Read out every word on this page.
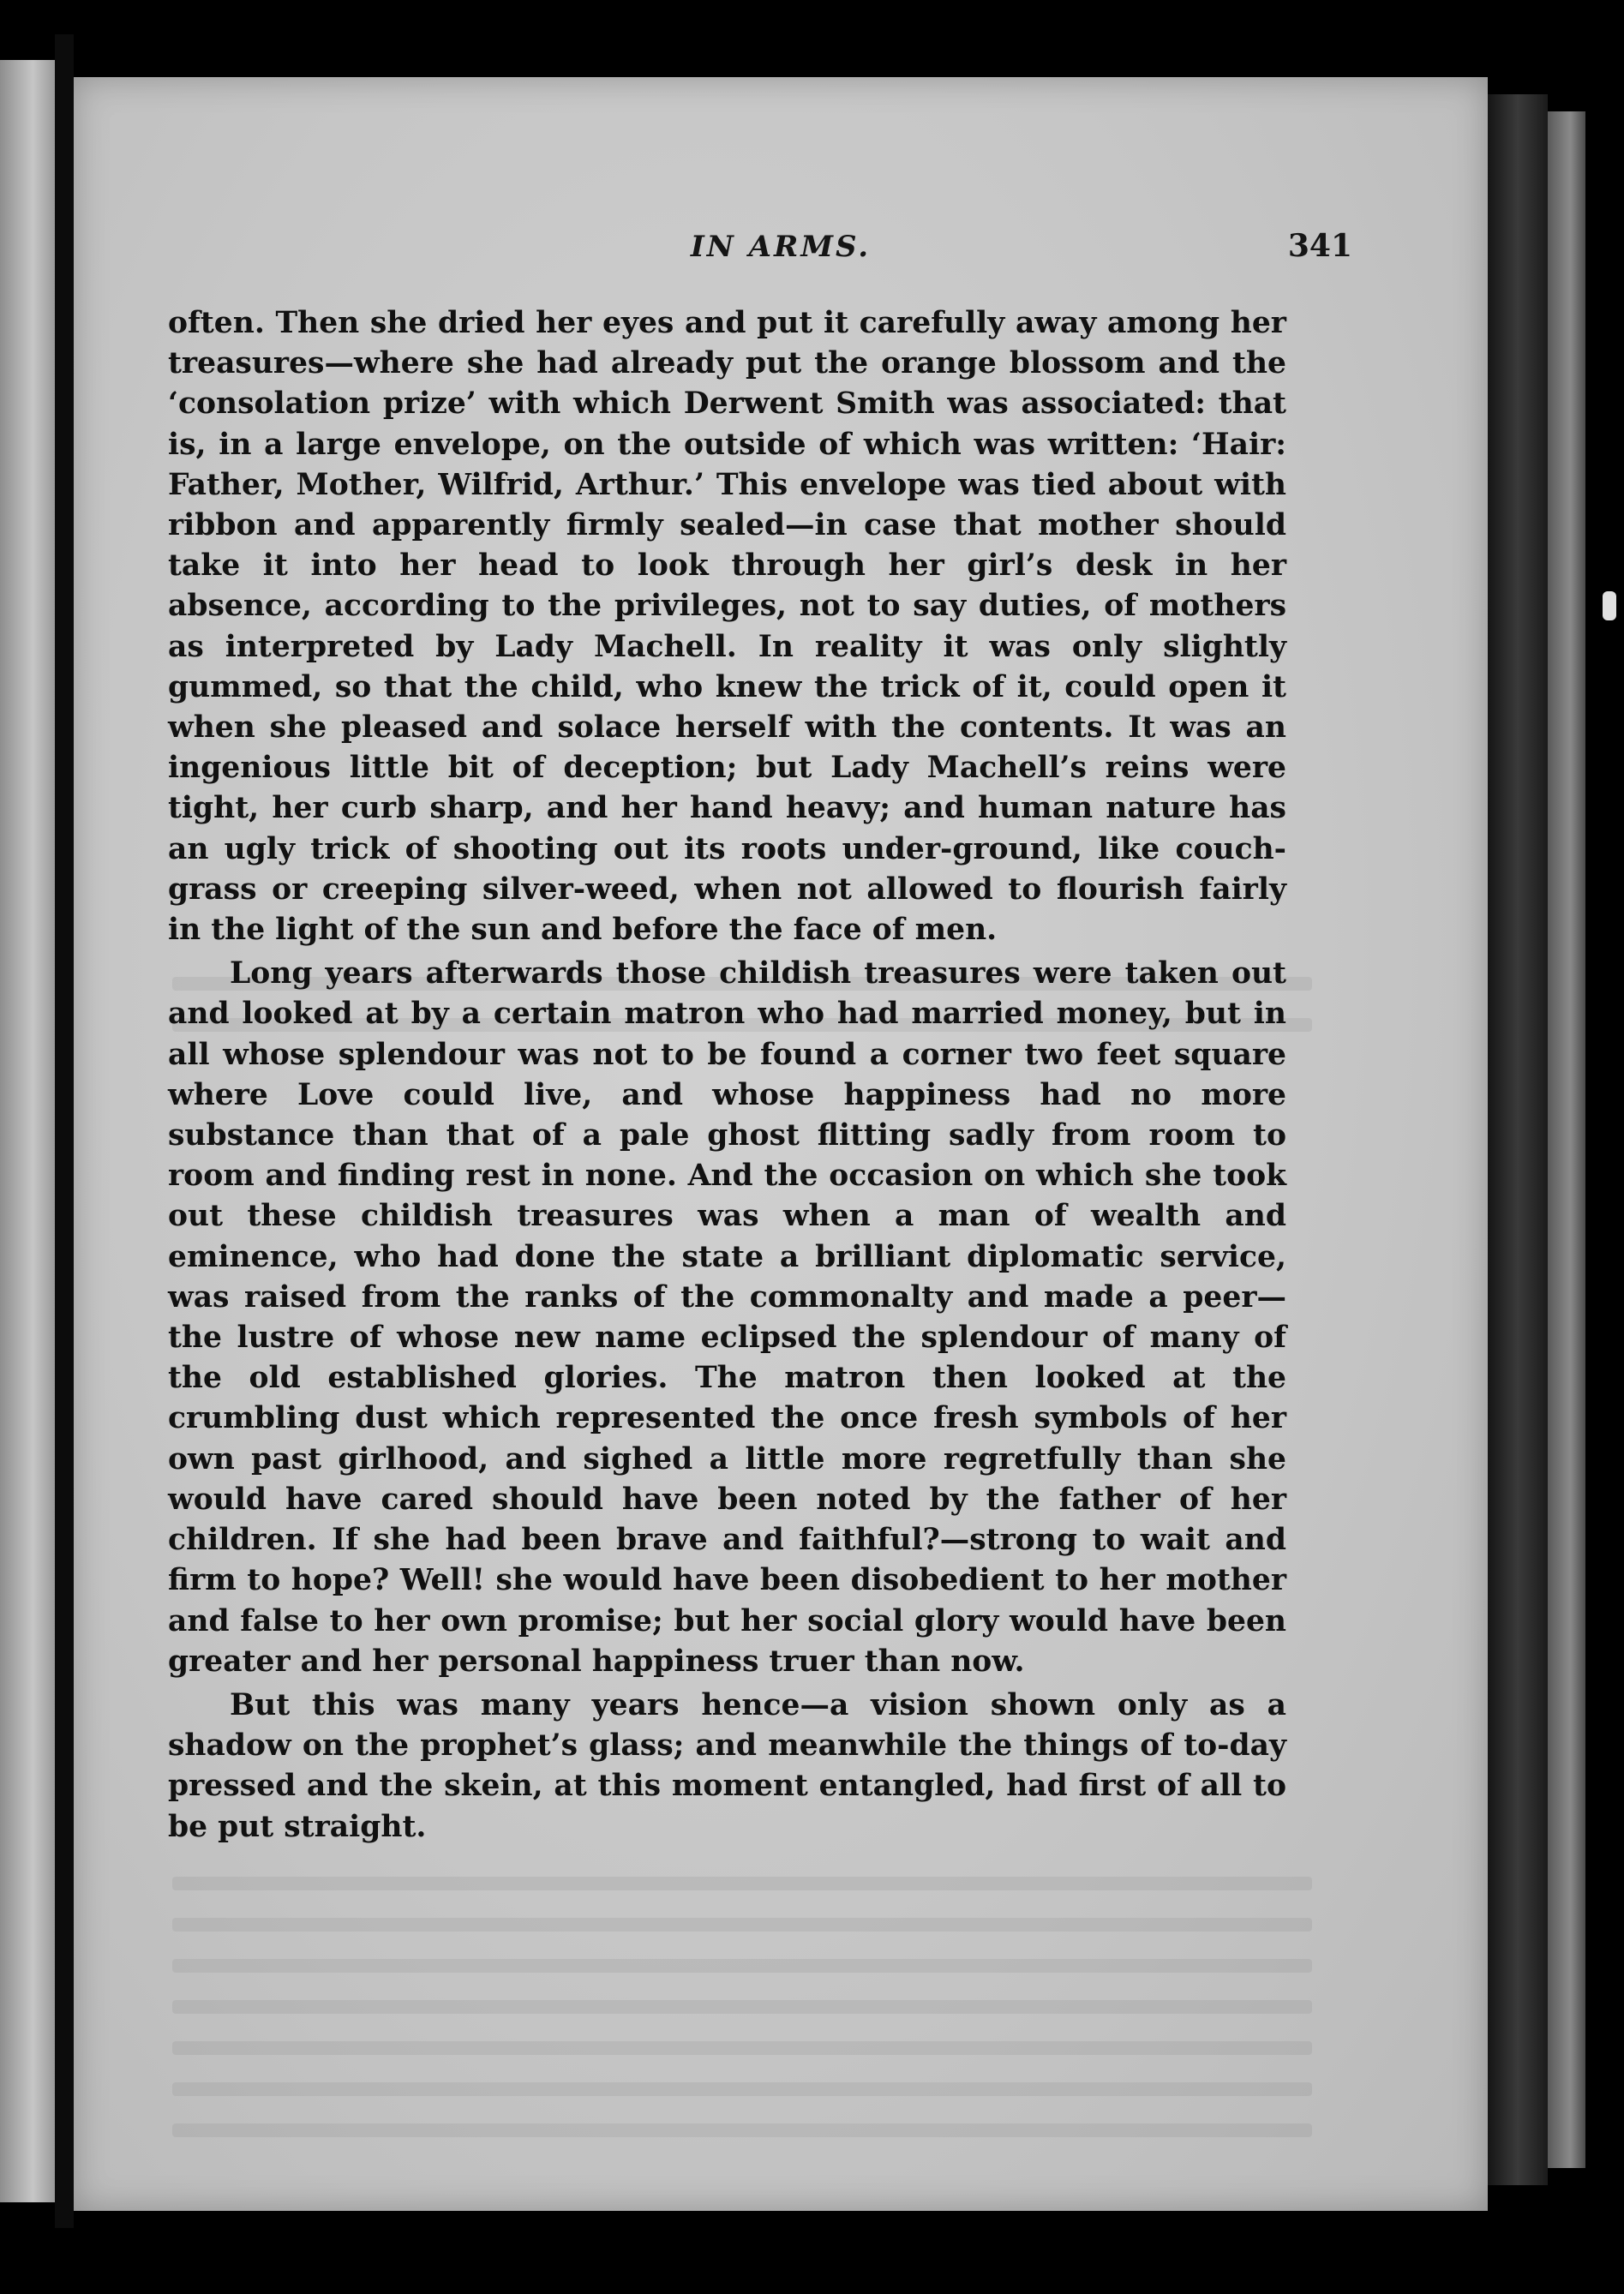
IN ARMS.	341

often. Then she dried her eyes and put it carefully away among her treasures—where she had already put the orange blossom and the ‘consolation prize’ with which Derwent Smith was associated: that is, in a large envelope, on the outside of which was written: ‘Hair: Father, Mother, Wilfrid, Arthur.’ This envelope was tied about with ribbon and apparently firmly sealed—in case that mother should take it into her head to look through her girl’s desk in her absence, according to the privileges, not to say duties, of mothers as interpreted by Lady Machell. In reality it was only slightly gummed, so that the child, who knew the trick of it, could open it when she pleased and solace herself with the contents. It was an ingenious little bit of deception; but Lady Machell’s reins were tight, her curb sharp, and her hand heavy; and human nature has an ugly trick of shooting out its roots under-ground, like couch-grass or creeping silver-weed, when not allowed to flourish fairly in the light of the sun and before the face of men.

Long years afterwards those childish treasures were taken out and looked at by a certain matron who had married money, but in all whose splendour was not to be found a corner two feet square where Love could live, and whose happiness had no more substance than that of a pale ghost flitting sadly from room to room and finding rest in none. And the occasion on which she took out these childish treasures was when a man of wealth and eminence, who had done the state a brilliant diplomatic service, was raised from the ranks of the commonalty and made a peer—the lustre of whose new name eclipsed the splendour of many of the old established glories. The matron then looked at the crumbling dust which represented the once fresh symbols of her own past girlhood, and sighed a little more regretfully than she would have cared should have been noted by the father of her children. If she had been brave and faithful?—strong to wait and firm to hope? Well! she would have been disobedient to her mother and false to her own promise; but her social glory would have been greater and her personal happiness truer than now.

But this was many years hence—a vision shown only as a shadow on the prophet’s glass; and meanwhile the things of to-day pressed and the skein, at this moment entangled, had first of all to be put straight.
